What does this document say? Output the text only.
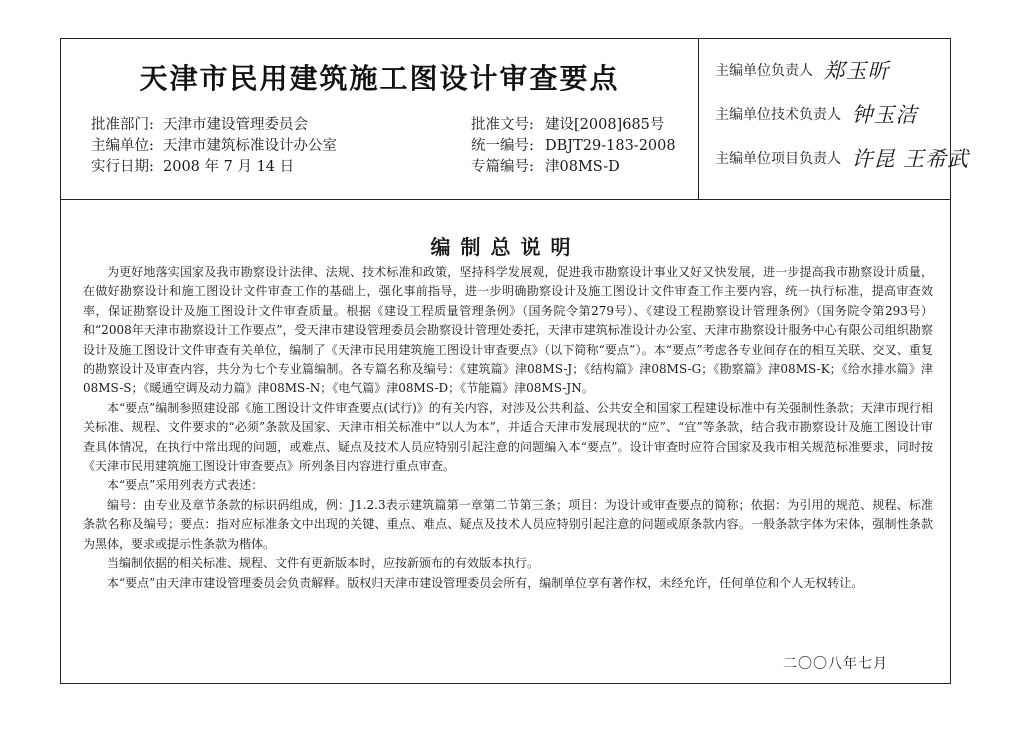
天津市民用建筑施工图设计审查要点
批准部门: 天津市建设管理委员会
主编单位: 天津市建筑标准设计办公室
实行日期: 2008 年 7 月 14 日
批准文号: 建设[2008]685号
统一编号: DBJT29-183-2008
专篇编号: 津08MS-D
主编单位负责人 郑玉昕
主编单位技术负责人 钟玉洁
主编单位项目负责人 许昆 王希武
编制总说明

为更好地落实国家及我市勘察设计法律、法规、技术标准和政策，坚持科学发展观，促进我市勘察设计事业又好又快发展，进一步提高我市勘察设计质量，在做好勘察设计和施工图设计文件审查工作的基础上，强化事前指导，进一步明确勘察设计及施工图设计文件审查工作主要内容，统一执行标准，提高审查效率，保证勘察设计及施工图设计文件审查质量。根据《建设工程质量管理条例》（国务院令第279号）、《建设工程勘察设计管理条例》（国务院令第293号）和“2008年天津市勘察设计工作要点”，受天津市建设管理委员会勘察设计管理处委托，天津市建筑标准设计办公室、天津市勘察设计服务中心有限公司组织勘察设计及施工图设计文件审查有关单位，编制了《天津市民用建筑施工图设计审查要点》（以下简称“要点”）。本“要点”考虑各专业间存在的相互关联、交叉、重复的勘察设计及审查内容，共分为七个专业篇编制。各专篇名称及编号：《建筑篇》津08MS-J；《结构篇》津08MS-G；《勘察篇》津08MS-K；《给水排水篇》津08MS-S；《暖通空调及动力篇》津08MS-N；《电气篇》津08MS-D；《节能篇》津08MS-JN。

本“要点”编制参照建设部《施工图设计文件审查要点(试行)》的有关内容，对涉及公共利益、公共安全和国家工程建设标准中有关强制性条款；天津市现行相关标准、规程、文件要求的“必须”条款及国家、天津市相关标准中“以人为本”，并适合天津市发展现状的“应”、“宜”等条款，结合我市勘察设计及施工图设计审查具体情况，在执行中常出现的问题，或难点、疑点及技术人员应特别引起注意的问题编入本“要点”。设计审查时应符合国家及我市相关规范标准要求，同时按《天津市民用建筑施工图设计审查要点》所列条目内容进行重点审查。

本“要点”采用列表方式表述：

编号：由专业及章节条款的标识码组成，例：J1.2.3表示建筑篇第一章第二节第三条；项目：为设计或审查要点的简称；依据：为引用的规范、规程、标准条款名称及编号；要点：指对应标准条文中出现的关键、重点、难点、疑点及技术人员应特别引起注意的问题或原条款内容。一般条款字体为宋体，强制性条款为黑体，要求或提示性条款为楷体。

当编制依据的相关标准、规程、文件有更新版本时，应按新颁布的有效版本执行。

本“要点”由天津市建设管理委员会负责解释。版权归天津市建设管理委员会所有，编制单位享有著作权，未经允许，任何单位和个人无权转让。

二〇〇八年七月
